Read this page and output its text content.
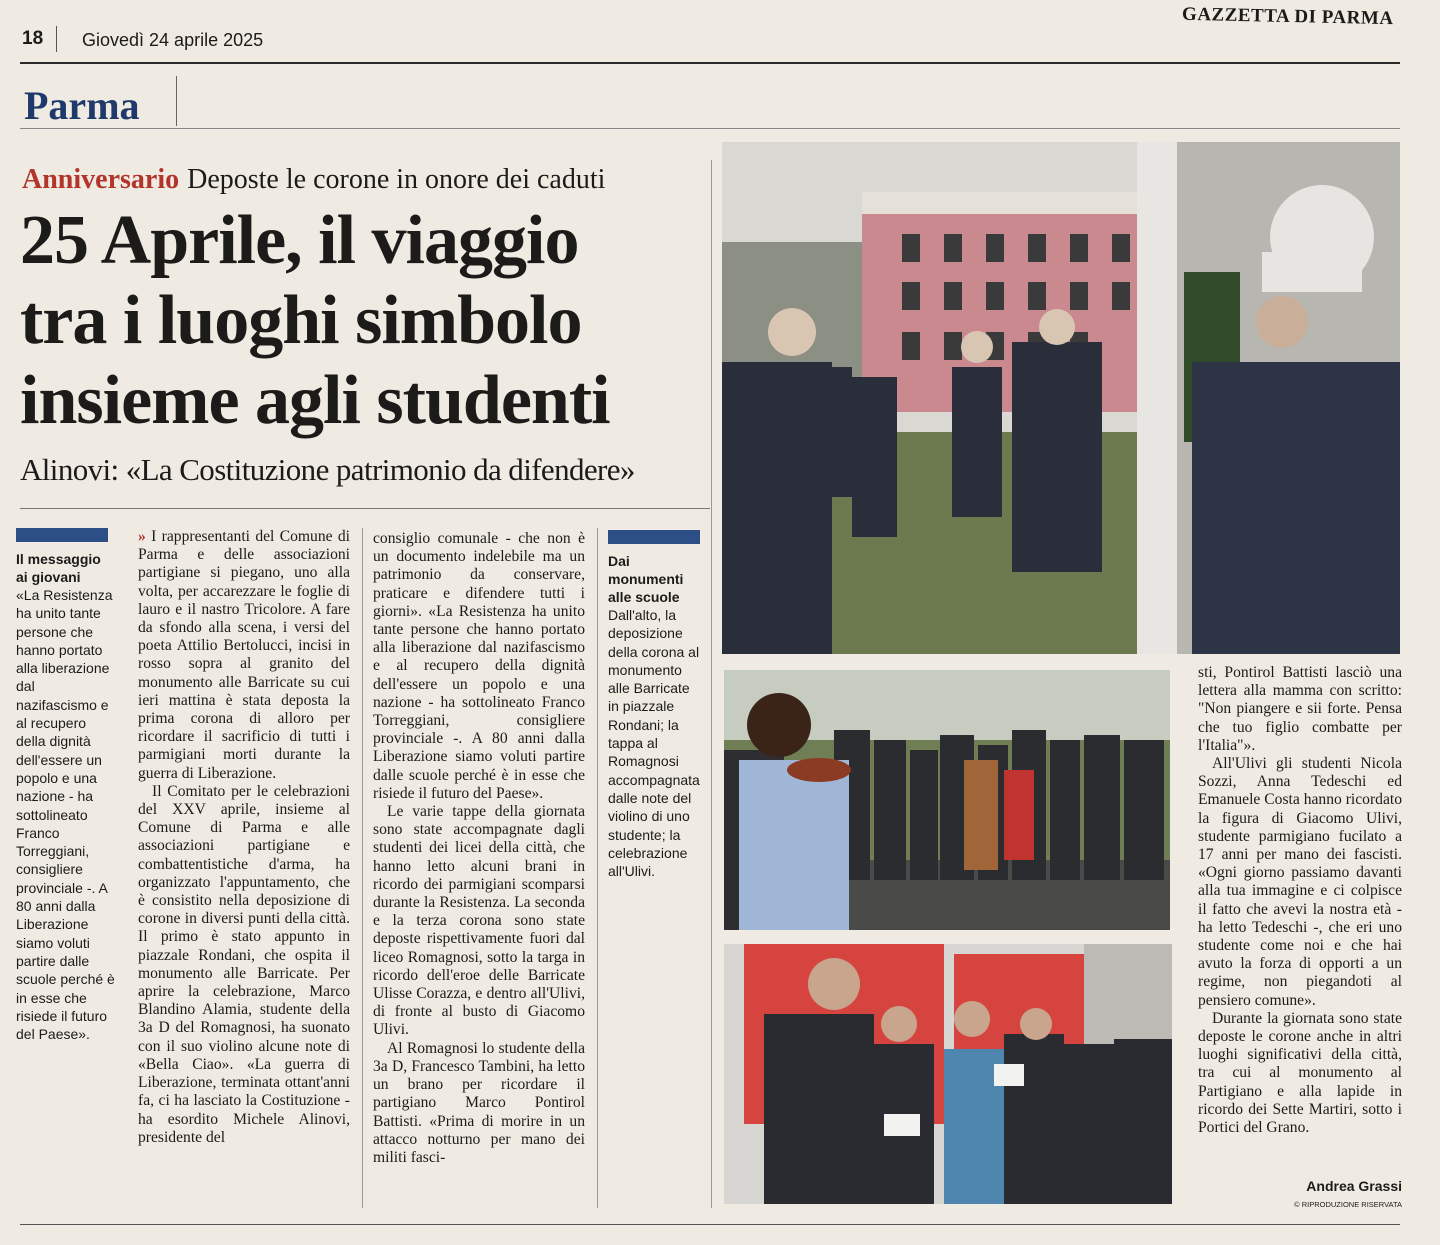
18 Giovedì 24 aprile 2025
GAZZETTA DI PARMA
Parma
Anniversario Deposte le corone in onore dei caduti
25 Aprile, il viaggio
tra i luoghi simbolo
insieme agli studenti
Alinovi: «La Costituzione patrimonio da difendere»
Il messaggio ai giovani
«La Resistenza ha unito tante persone che hanno portato alla liberazione dal nazifascismo e al recupero della dignità dell'essere un popolo e una nazione - ha sottolineato Franco Torreggiani, consigliere provinciale -. A 80 anni dalla Liberazione siamo voluti partire dalle scuole perché è in esse che risiede il futuro del Paese».

» I rappresentanti del Comune di Parma e delle associazioni partigiane si piegano, uno alla volta, per accarezzare le foglie di lauro e il nastro Tricolore. A fare da sfondo alla scena, i versi del poeta Attilio Bertolucci, incisi in rosso sopra al granito del monumento alle Barricate su cui ieri mattina è stata deposta la prima corona di alloro per ricordare il sacrificio di tutti i parmigiani morti durante la guerra di Liberazione.

Il Comitato per le celebrazioni del XXV aprile, insieme al Comune di Parma e alle associazioni partigiane e combattentistiche d'arma, ha organizzato l'appuntamento, che è consistito nella deposizione di corone in diversi punti della città. Il primo è stato appunto in piazzale Rondani, che ospita il monumento alle Barricate. Per aprire la celebrazione, Marco Blandino Alamia, studente della 3a D del Romagnosi, ha suonato con il suo violino alcune note di «Bella Ciao». «La guerra di Liberazione, terminata ottant'anni fa, ci ha lasciato la Costituzione - ha esordito Michele Alinovi, presidente del

consiglio comunale - che non è un documento indelebile ma un patrimonio da conservare, praticare e difendere tutti i giorni». «La Resistenza ha unito tante persone che hanno portato alla liberazione dal nazifascismo e al recupero della dignità dell'essere un popolo e una nazione - ha sottolineato Franco Torreggiani, consigliere provinciale -. A 80 anni dalla Liberazione siamo voluti partire dalle scuole perché è in esse che risiede il futuro del Paese».

Le varie tappe della giornata sono state accompagnate dagli studenti dei licei della città, che hanno letto alcuni brani in ricordo dei parmigiani scomparsi durante la Resistenza. La seconda e la terza corona sono state deposte rispettivamente fuori dal liceo Romagnosi, sotto la targa in ricordo dell'eroe delle Barricate Ulisse Corazza, e dentro all'Ulivi, di fronte al busto di Giacomo Ulivi.

Al Romagnosi lo studente della 3a D, Francesco Tambini, ha letto un brano per ricordare il partigiano Marco Pontirol Battisti. «Prima di morire in un attacco notturno per mano dei militi fasci-

Dai monumenti alle scuole
Dall'alto, la deposizione della corona al monumento alle Barricate in piazzale Rondani; la tappa al Romagnosi accompagnata dalle note del violino di uno studente; la celebrazione all'Ulivi.

sti, Pontirol Battisti lasciò una lettera alla mamma con scritto: "Non piangere e sii forte. Pensa che tuo figlio combatte per l'Italia"».

All'Ulivi gli studenti Nicola Sozzi, Anna Tedeschi ed Emanuele Costa hanno ricordato la figura di Giacomo Ulivi, studente parmigiano fucilato a 17 anni per mano dei fascisti. «Ogni giorno passiamo davanti alla tua immagine e ci colpisce il fatto che avevi la nostra età - ha letto Tedeschi -, che eri uno studente come noi e che hai avuto la forza di opporti a un regime, non piegandoti al pensiero comune».

Durante la giornata sono state deposte le corone anche in altri luoghi significativi della città, tra cui al monumento al Partigiano e alla lapide in ricordo dei Sette Martiri, sotto i Portici del Grano.

Andrea Grassi
© RIPRODUZIONE RISERVATA
